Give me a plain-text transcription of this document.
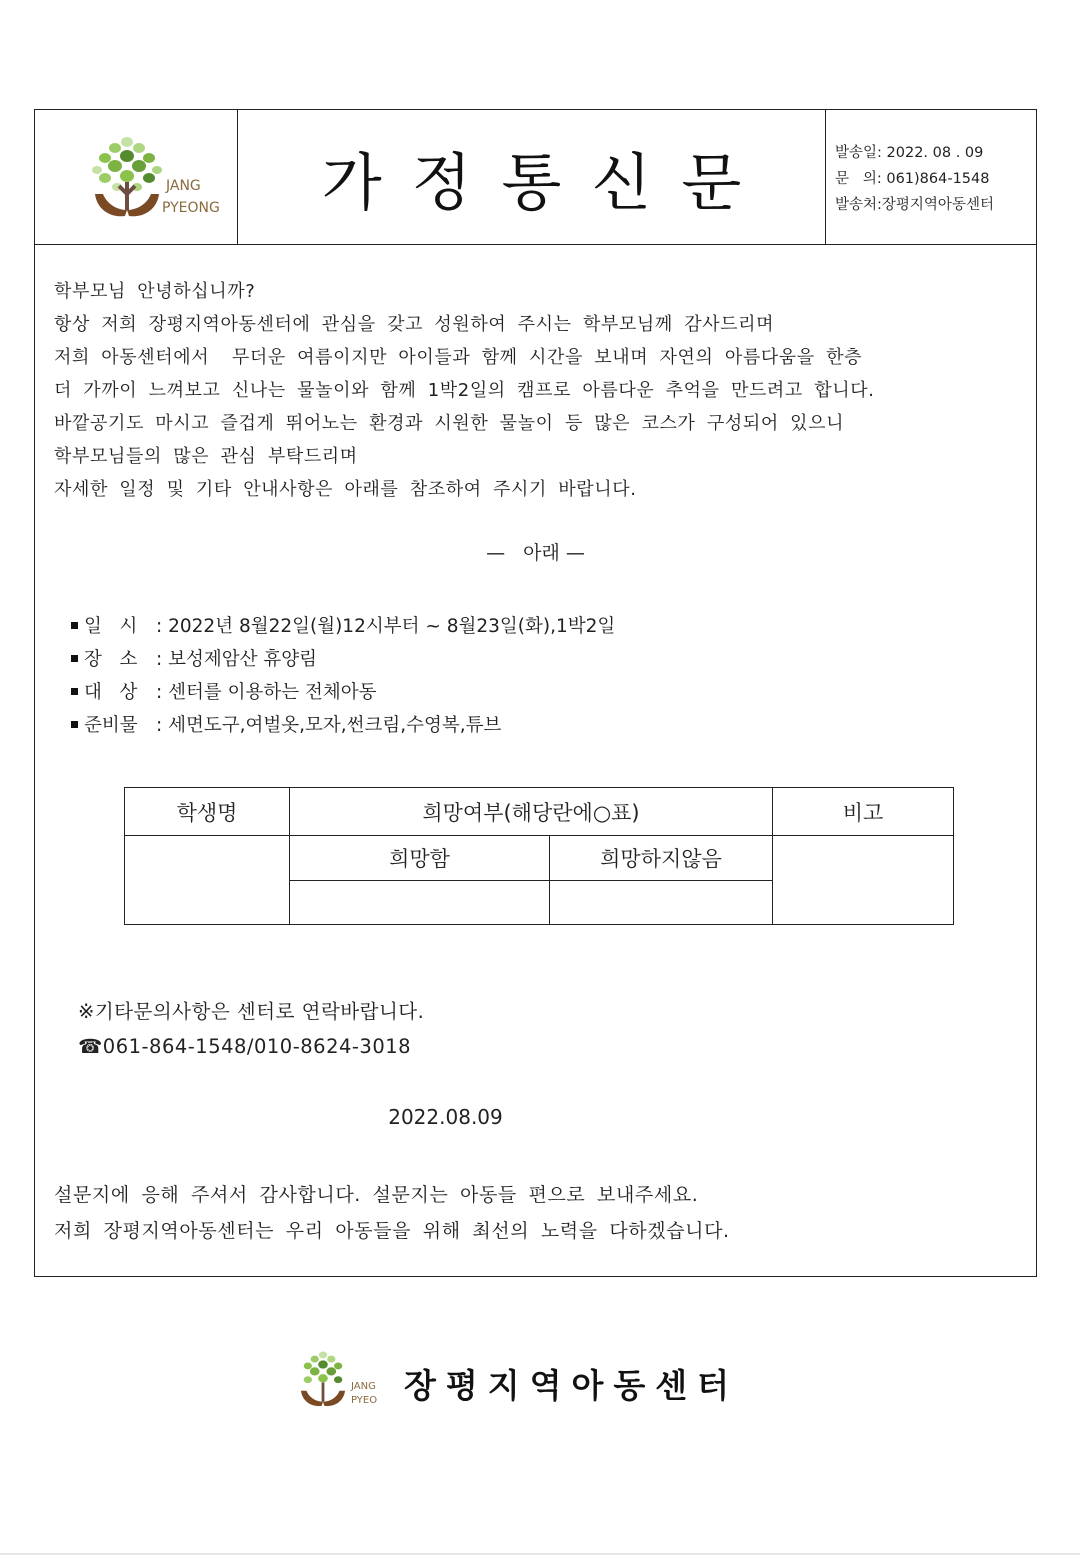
JANG
PYEONG	가정통신문	발송일: 2022. 08 . 09
문   의: 061)864-1548
발송처:장평지역아동센터
학부모님 안녕하십니까?
항상 저희 장평지역아동센터에 관심을 갖고 성원하여 주시는 학부모님께 감사드리며
저희 아동센터에서  무더운 여름이지만 아이들과 함께 시간을 보내며 자연의 아름다움을 한층
더 가까이 느껴보고 신나는 물놀이와 함께 1박2일의 캠프로 아름다운 추억을 만드려고 합니다.
바깥공기도 마시고 즐겁게 뛰어노는 환경과 시원한 물놀이 등 많은 코스가 구성되어 있으니
학부모님들의 많은 관심 부탁드리며
자세한 일정 및 기타 안내사항은 아래를 참조하여 주시기 바랍니다.
—   아래 —
일   시 : 2022년 8월22일(월)12시부터 ~ 8월23일(화),1박2일
장   소 : 보성제암산 휴양림
대   상 : 센터를 이용하는 전체아동
준비물 : 세면도구,여벌옷,모자,썬크림,수영복,튜브
학생명	희망여부(해당란에○표)		비고
	희망함	희망하지않음	

※기타문의사항은 센터로 연락바랍니다.
☎061-864-1548/010-8624-3018
2022.08.09
설문지에 응해 주셔서 감사합니다. 설문지는 아동들 편으로 보내주세요.
저희 장평지역아동센터는 우리 아동들을 위해 최선의 노력을 다하겠습니다.
JANG
PYEO 장평지역아동센터
